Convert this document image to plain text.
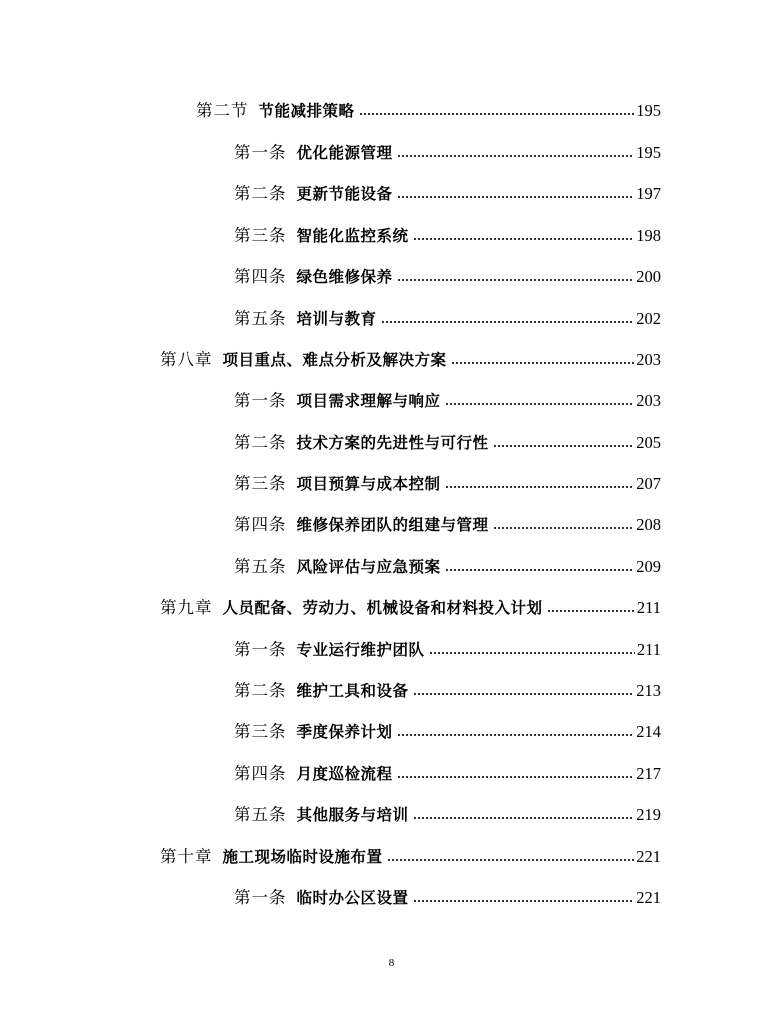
第二节 节能减排策略	195
第一条 优化能源管理	195
第二条 更新节能设备	197
第三条 智能化监控系统	198
第四条 绿色维修保养	200
第五条 培训与教育	202
第八章 项目重点、难点分析及解决方案	203
第一条 项目需求理解与响应	203
第二条 技术方案的先进性与可行性	205
第三条 项目预算与成本控制	207
第四条 维修保养团队的组建与管理	208
第五条 风险评估与应急预案	209
第九章 人员配备、劳动力、机械设备和材料投入计划	211
第一条 专业运行维护团队	211
第二条 维护工具和设备	213
第三条 季度保养计划	214
第四条 月度巡检流程	217
第五条 其他服务与培训	219
第十章 施工现场临时设施布置	221
第一条 临时办公区设置	221
8
